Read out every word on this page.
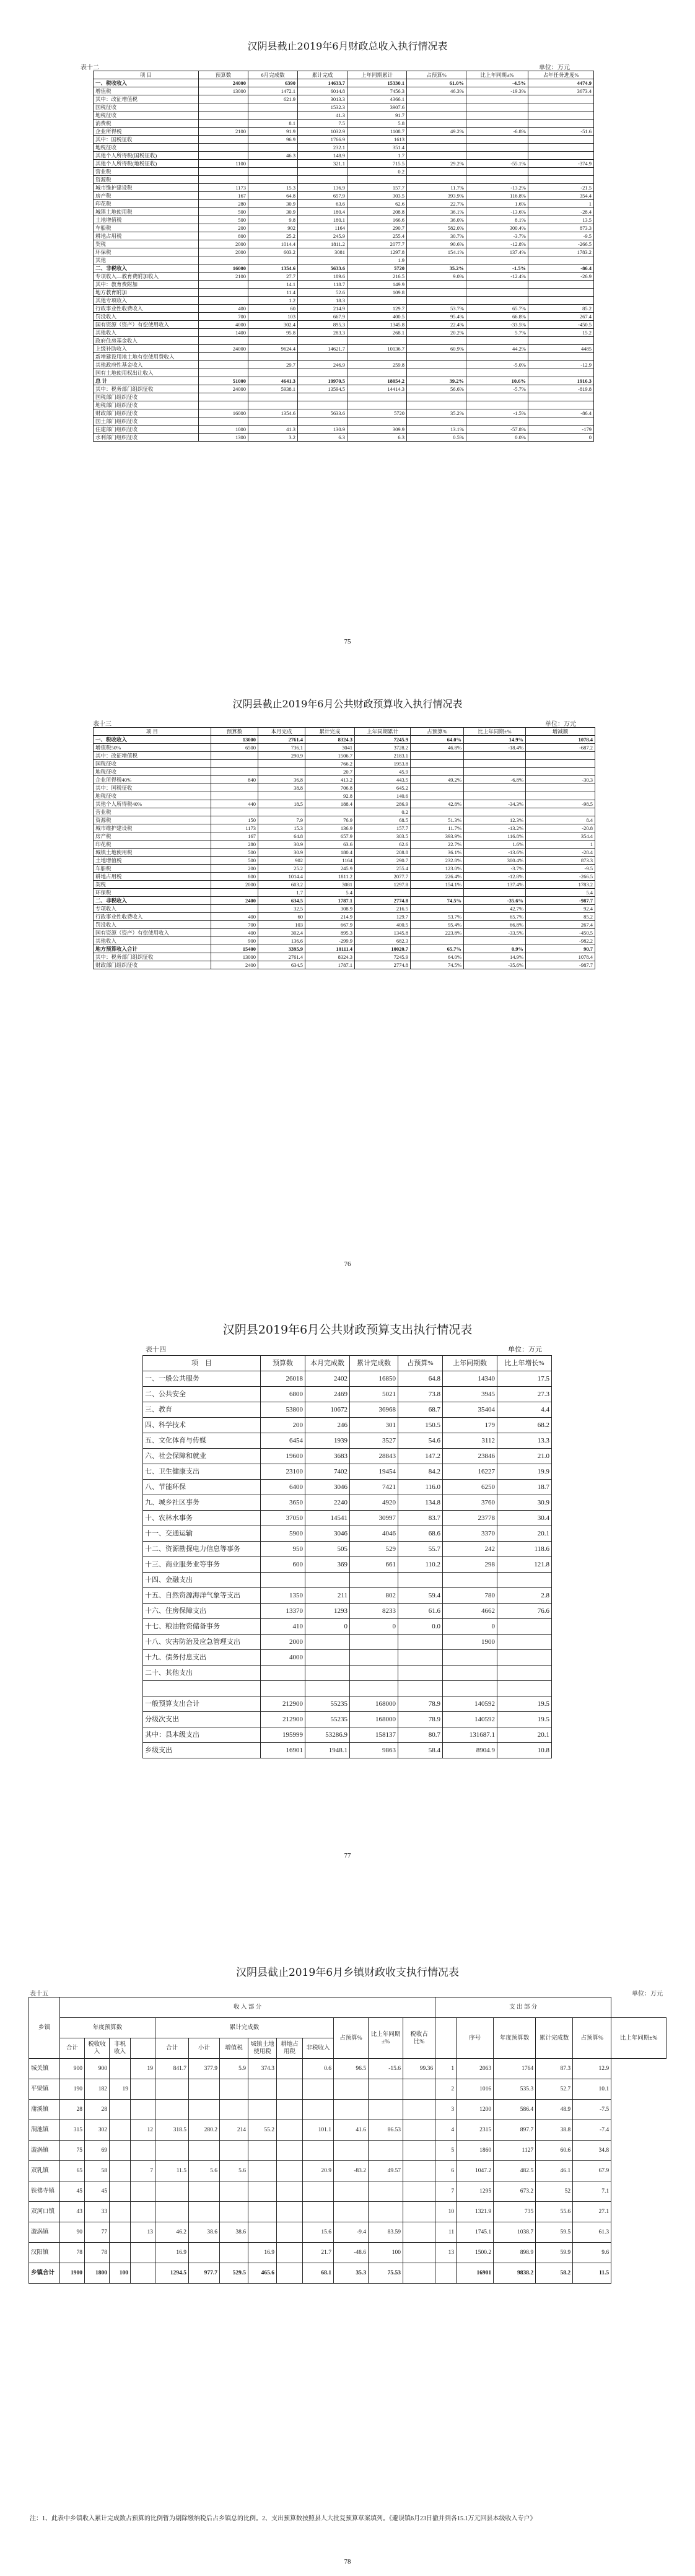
汉阴县截止2019年6月财政总收入执行情况表
表十二	单位：万元
项 目	预算数	6月完成数	累计完成	上年同期累计	占预算%	比上年同期±%	占年任务进度%
一、税收收入	24000	6390	14633.7	15330.1	61.0%	-4.5%	4474.9
增值税	13000	1472.1	6014.8	7456.3	46.3%	-19.3%	3673.4
其中：改征增值税		621.9	3013.3	4366.1			
国税征收			1532.3	3907.6			
地税征收			41.3	91.7			
消费税		8.1	7.5	5.8			
企业所得税	2100	91.9	1032.9	1108.7	49.2%	-6.8%	-51.6
其中：国税征收		96.9	1766.9	1613			
地税征收			232.1	351.4			
其他个人所得税(国税征收)		46.3	148.9	1.7			
其他个人所得税(地税征收)	1100		321.1	715.5	29.2%	-55.1%	-374.9
营业税				0.2			
资源税							
城市维护建设税	1173	15.3	136.9	157.7	11.7%	-13.2%	-21.5
房产税	167	64.8	657.9	303.5	393.9%	116.8%	354.4
印花税	280	30.9	63.6	62.6	22.7%	1.6%	1
城镇土地使用税	500	30.9	180.4	208.8	36.1%	-13.6%	-28.4
土地增值税	500	9.8	180.1	166.6	36.0%	8.1%	13.5
车船税	200	902	1164	290.7	582.0%	300.4%	873.3
耕地占用税	800	25.2	245.9	255.4	30.7%	-3.7%	-9.5
契税	2000	1014.4	1811.2	2077.7	90.6%	-12.8%	-266.5
环保税	2000	603.2	3081	1297.8	154.1%	137.4%	1783.2
其他				1.9			
二、非税收入	16000	1354.6	5633.6	5720	35.2%	-1.5%	-86.4
专项收入—教育费附加收入	2100	27.7	189.6	216.5	9.0%	-12.4%	-26.9
其中：教育费附加		14.1	118.7	149.9			
地方教育附加		11.4	52.6	109.8			
其他专项收入		1.2	18.3				
行政事业性收费收入	400	60	214.9	129.7	53.7%	65.7%	85.2
罚没收入	700	103	667.9	400.5	95.4%	66.8%	267.4
国有资源（资产）有偿使用收入	4000	302.4	895.3	1345.8	22.4%	-33.5%	-450.5
其他收入	1400	95.8	283.3	268.1	20.2%	5.7%	15.2
政府住房基金收入							
上级补助收入	24000	9624.4	14621.7	10136.7	60.9%	44.2%	4485
新增建设用地土地有偿使用费收入							
其他政府性基金收入		29.7	246.9	259.8		-5.0%	-12.9
国有土地使用权出让收入							
总 计	51000	4641.3	19970.5	18054.2	39.2%	10.6%	1916.3
其中：税务部门组织征收	24000	5938.1	13594.5	14414.3	56.6%	-5.7%	-819.8
国税部门组织征收							
地税部门组织征收							
财政部门组织征收	16000	1354.6	5633.6	5720	35.2%	-1.5%	-86.4
国土部门组织征收							
住建部门组织征收	1000	41.3	130.9	309.9	13.1%	-57.8%	-179
水利部门组织征收	1300	3.2	6.3	6.3	0.5%	0.0%	0
75
汉阴县截止2019年6月公共财政预算收入执行情况表
表十三	单位：万元
项 目	预算数	本月完成	累计完成	上年同期累计	占预算%	比上年同期±%	增减额
一、税收收入	13000	2761.4	8324.3	7245.9	64.0%	14.9%	1078.4
增值税50%	6500	736.1	3041	3728.2	46.8%	-18.4%	-687.2
其中：改征增值税		290.9	1506.7	2183.1			
国税征收			766.2	1953.8			
地税征收			20.7	45.9			
企业所得税40%	840	36.8	413.2	443.5	49.2%	-6.8%	-30.3
其中：国税征收		38.8	706.8	645.2			
地税征收			92.8	140.6			
其他个人所得税40%	440	18.5	188.4	286.9	42.8%	-34.3%	-98.5
营业税				0.2			
资源税	150	7.9	76.9	68.5	51.3%	12.3%	8.4
城市维护建设税	1173	15.3	136.9	157.7	11.7%	-13.2%	-20.8
房产税	167	64.8	657.9	303.5	393.9%	116.8%	354.4
印花税	280	30.9	63.6	62.6	22.7%	1.6%	1
城镇土地使用税	500	30.9	180.4	208.8	36.1%	-13.6%	-28.4
土地增值税	500	902	1164	290.7	232.8%	300.4%	873.3
车船税	200	25.2	245.9	255.4	123.0%	-3.7%	-9.5
耕地占用税	800	1014.4	1811.2	2077.7	226.4%	-12.8%	-266.5
契税	2000	603.2	3081	1297.8	154.1%	137.4%	1783.2
环保税		1.7	5.4				5.4
二、非税收入	2400	634.5	1787.1	2774.8	74.5%	-35.6%	-987.7
专项收入		32.5	308.9	216.5		42.7%	92.4
行政事业性收费收入	400	60	214.9	129.7	53.7%	65.7%	85.2
罚没收入	700	103	667.9	400.5	95.4%	66.8%	267.4
国有资源（资产）有偿使用收入	400	302.4	895.3	1345.8	223.8%	-33.5%	-450.5
其他收入	900	136.6	-299.9	682.3			-982.2
地方预算收入合计	15400	3395.9	10111.4	10020.7	65.7%	0.9%	90.7
其中：税务部门组织征收	13000	2761.4	8324.3	7245.9	64.0%	14.9%	1078.4
财政部门组织征收	2400	634.5	1787.1	2774.8	74.5%	-35.6%	-987.7
76
汉阴县2019年6月公共财政预算支出执行情况表
表十四	单位：万元
项　目	预算数	本月完成数	累计完成数	占预算%	上年同期数	比上年增长%
一、一般公共服务	26018	2402	16850	64.8	14340	17.5
二、公共安全	6800	2469	5021	73.8	3945	27.3
三、教育	53800	10672	36968	68.7	35404	4.4
四、科学技术	200	246	301	150.5	179	68.2
五、文化体育与传媒	6454	1939	3527	54.6	3112	13.3
六、社会保障和就业	19600	3683	28843	147.2	23846	21.0
七、卫生健康支出	23100	7402	19454	84.2	16227	19.9
八、节能环保	6400	3046	7421	116.0	6250	18.7
九、城乡社区事务	3650	2240	4920	134.8	3760	30.9
十、农林水事务	37050	14541	30997	83.7	23778	30.4
十一、交通运输	5900	3046	4046	68.6	3370	20.1
十二、资源勘探电力信息等事务	950	505	529	55.7	242	118.6
十三、商业服务业等事务	600	369	661	110.2	298	121.8
十四、金融支出						
十五、自然资源海洋气象等支出	1350	211	802	59.4	780	2.8
十六、住房保障支出	13370	1293	8233	61.6	4662	76.6
十七、粮油物资储备事务	410	0	0	0.0	0	
十八、灾害防治及应急管理支出	2000				1900	
十九、债务付息支出	4000					
二十、其他支出						

一般预算支出合计	212900	55235	168000	78.9	140592	19.5
分级次支出	212900	55235	168000	78.9	140592	19.5
其中：县本级支出	195999	53286.9	158137	80.7	131687.1	20.1
乡级支出	16901	1948.1	9863	58.4	8904.9	10.8
77
汉阴县截止2019年6月乡镇财政收支执行情况表
表十五	单位：万元
乡镇	收 入 部 分													支 出 部 分					
	年度预算数				累计完成数						占预算%	比上年同期±%	税收占比%		序号	年度预算数	累计完成数	占预算%	比上年同期±%
	合计	税收收入	非税收入		合计	小计	增值税	城镇土地使用税	耕地占用税	非税收入									
城关镇	900	900		19	841.7	377.9	5.9	374.3		0.6	96.5	-15.6	99.36	1	2063	1764	87.3	12.9	
平梁镇	190	182	19											2	1016	535.3	52.7	10.1	
蒲溪镇	28	28												3	1200	586.4	48.9	-7.5	
涧池镇	315	302		12	318.5	280.2	214	55.2		101.1	41.6	86.53		4	2315	897.7	38.8	-7.4	
漩涡镇	75	69												5	1860	1127	60.6	34.8	
双乳镇	65	58		7	11.5	5.6	5.6			20.9	-83.2	49.57		6	1047.2	482.5	46.1	67.9	
铁佛寺镇	45	45												7	1295	673.2	52	7.1	
双河口镇	43	33												10	1321.9	735	55.6	27.1	
漩涡镇	90	77		13	46.2	38.6	38.6			15.6	-9.4	83.59		11	1745.1	1038.7	59.5	61.3	
汉阳镇	78	78			16.9			16.9		21.7	-48.6	100		13	1500.2	898.9	59.9	9.6	
乡镇合计	1900	1800	100		1294.5	977.7	529.5	465.6		68.1	35.3	75.53			16901	9838.2	58.2	11.5	
注：1、此表中乡镇收入累计完成数占预算的比例暂为剔除缴纳税后占乡镇总的比例。2、支出预算数按照县人大批复预算草案填列。《避误镇6月23日撤并到各15.1万元回县本级收入专户》
78
